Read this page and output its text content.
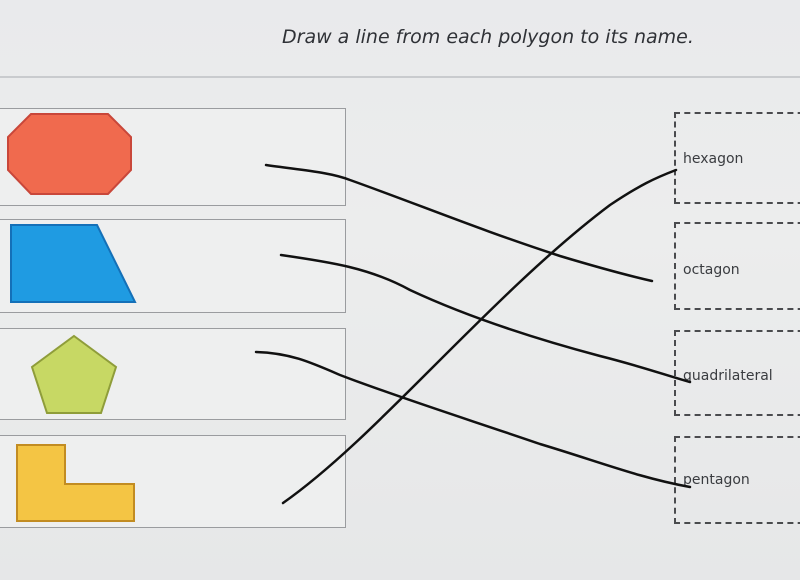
Draw a line from each polygon to its name.
hexagon
octagon
quadrilateral
pentagon
